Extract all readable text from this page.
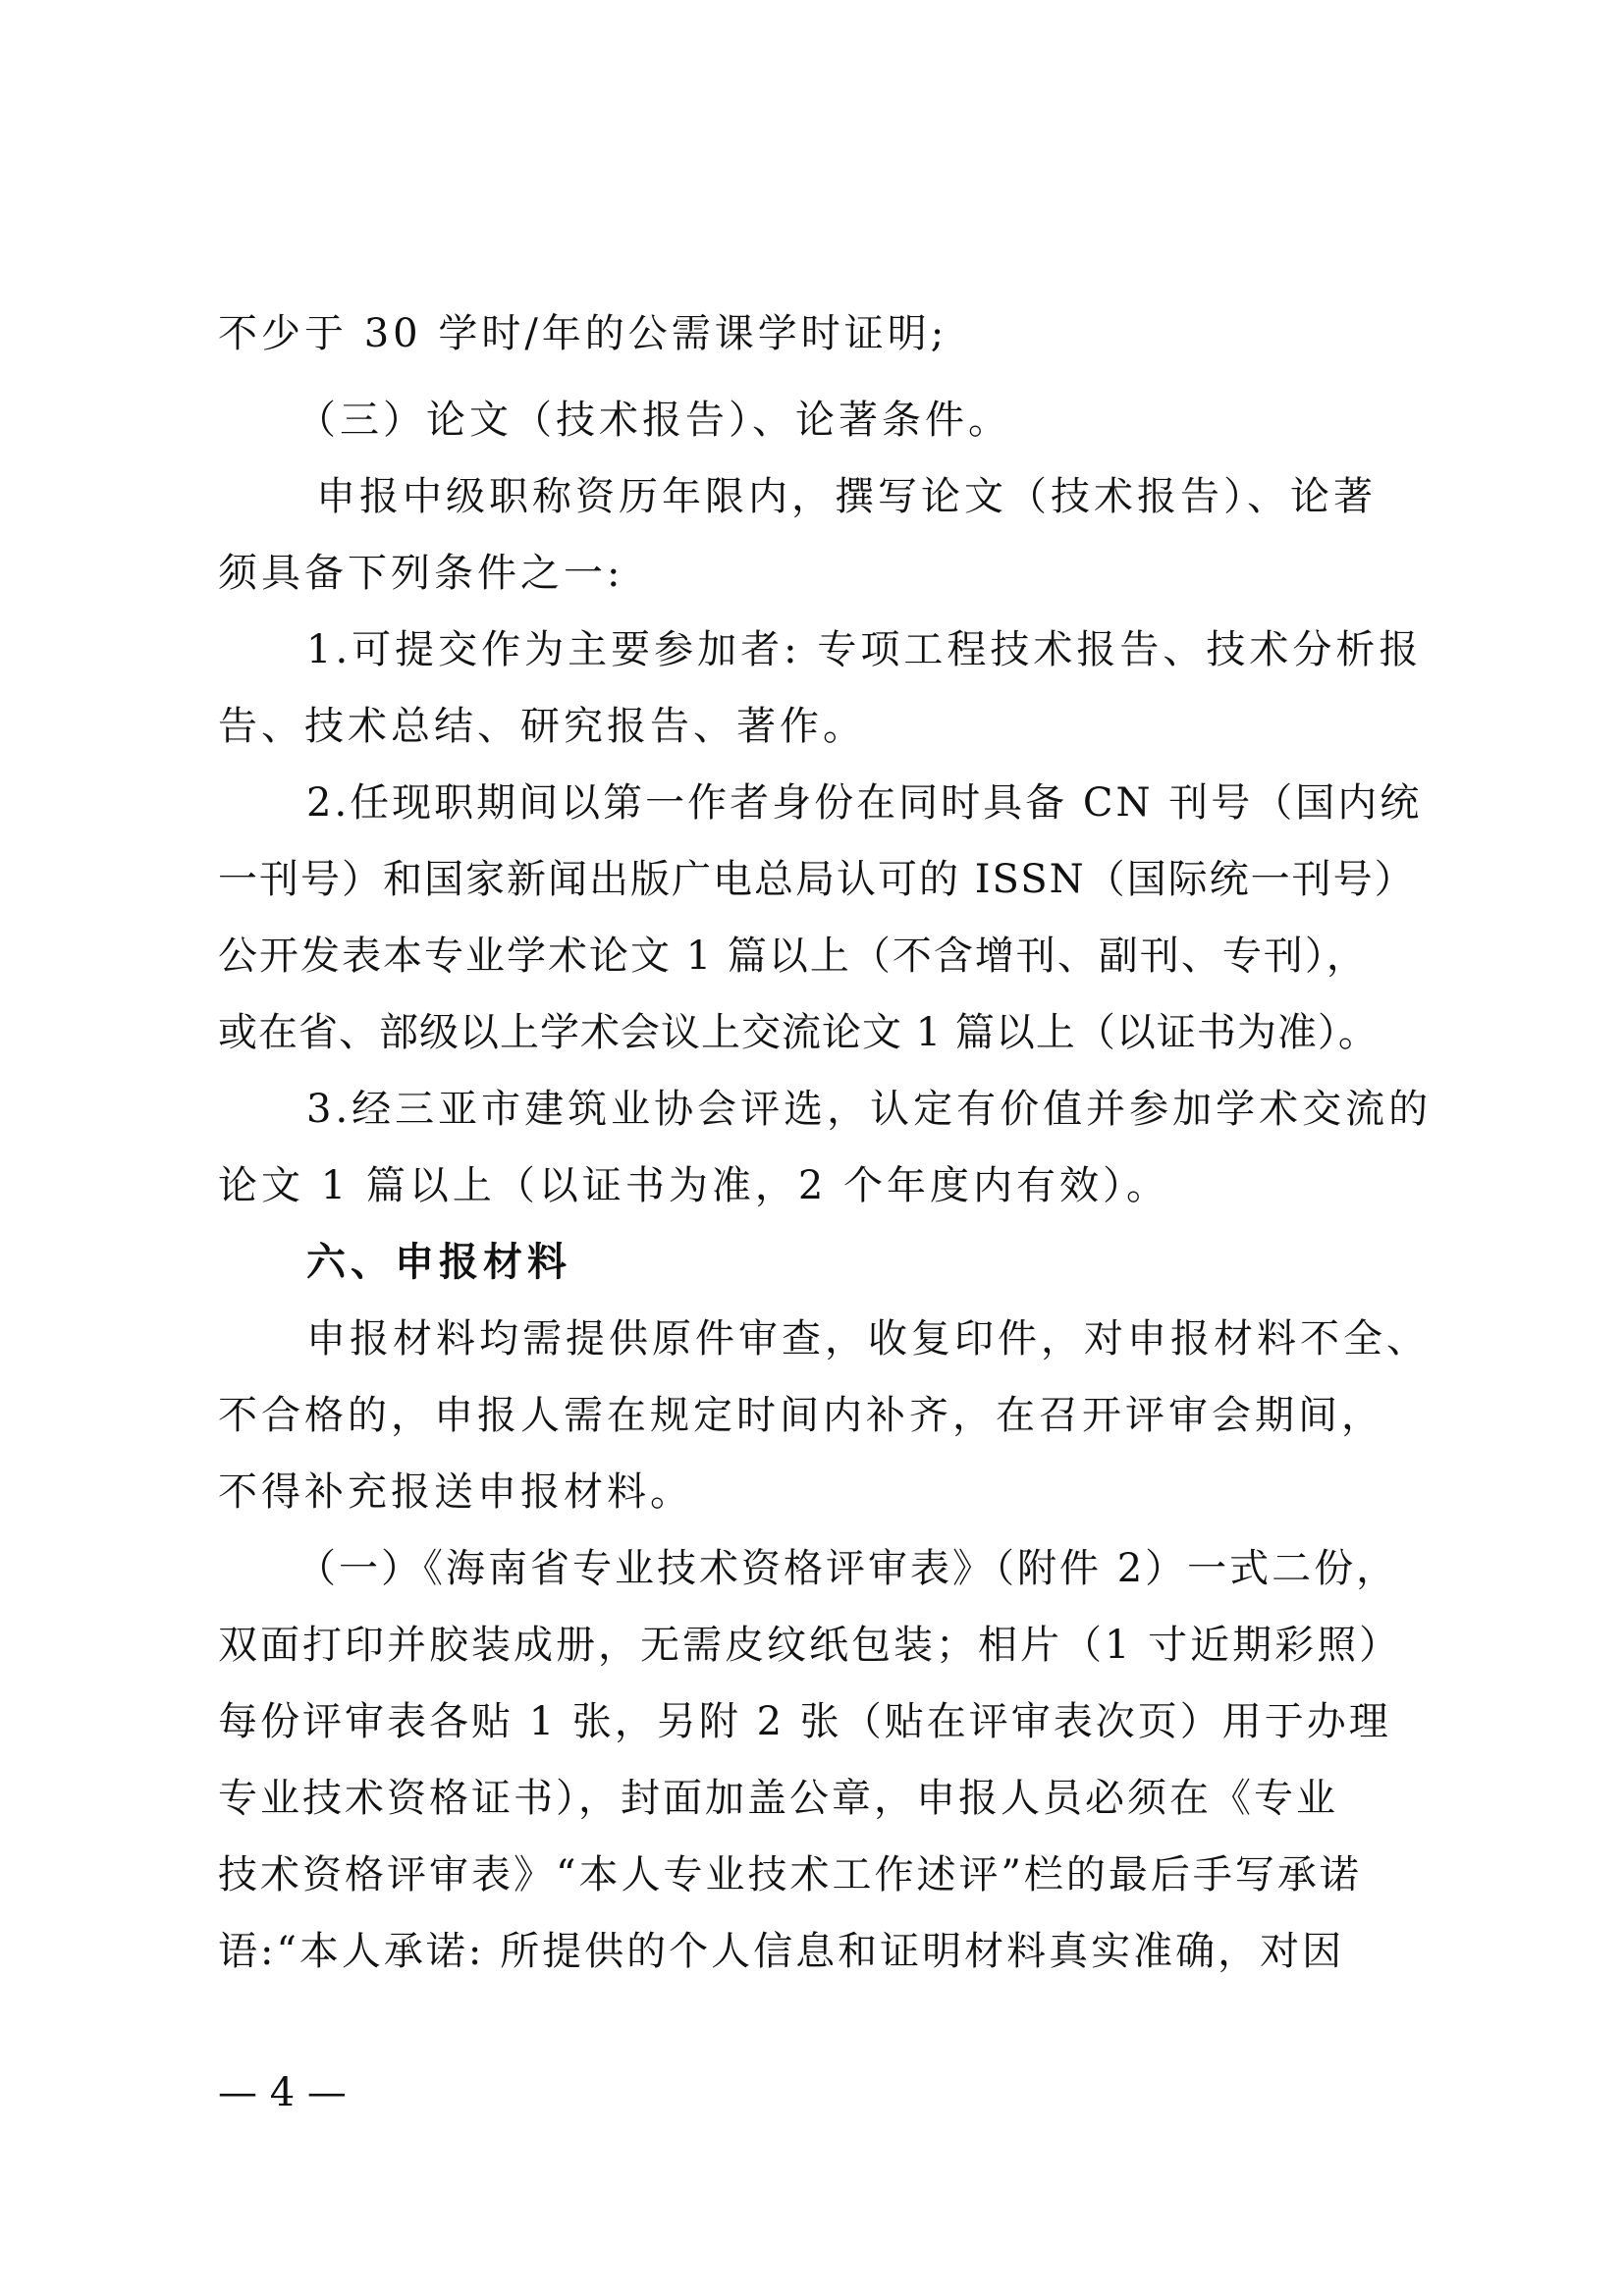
不少于 30 学时/年的公需课学时证明;
（三）论文（技术报告）、论著条件。
申报中级职称资历年限内，撰写论文（技术报告）、论著
须具备下列条件之一:
1.可提交作为主要参加者: 专项工程技术报告、技术分析报
告、技术总结、研究报告、著作。
2.任现职期间以第一作者身份在同时具备 CN 刊号（国内统
一刊号）和国家新闻出版广电总局认可的 ISSN（国际统一刊号）
公开发表本专业学术论文 1 篇以上（不含增刊、副刊、专刊），
或在省、部级以上学术会议上交流论文 1 篇以上（以证书为准）。
3.经三亚市建筑业协会评选，认定有价值并参加学术交流的
论文 1 篇以上（以证书为准，2 个年度内有效）。
六、申报材料
申报材料均需提供原件审查，收复印件，对申报材料不全、
不合格的，申报人需在规定时间内补齐，在召开评审会期间，
不得补充报送申报材料。
（一）《海南省专业技术资格评审表》（附件 2）一式二份，
双面打印并胶装成册，无需皮纹纸包装；相片（1 寸近期彩照）
每份评审表各贴 1 张，另附 2 张（贴在评审表次页）用于办理
专业技术资格证书），封面加盖公章，申报人员必须在《专业
技术资格评审表》“本人专业技术工作述评”栏的最后手写承诺
语:“本人承诺: 所提供的个人信息和证明材料真实准确，对因
— 4 —
